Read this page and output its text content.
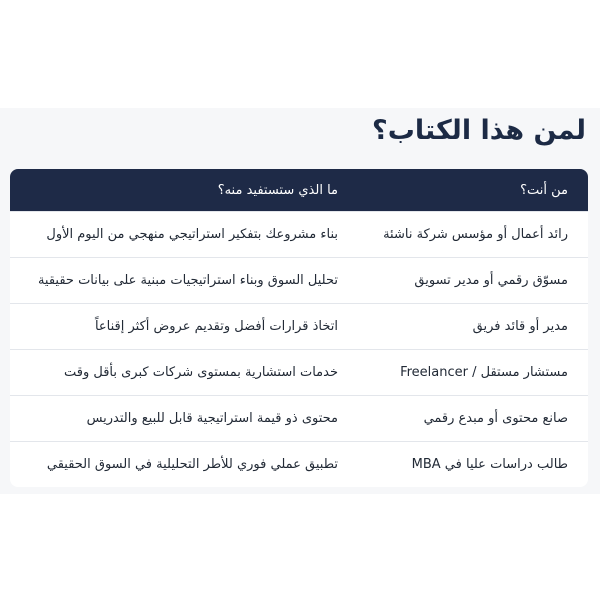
لمن هذا الكتاب؟
من أنت؟	ما الذي ستستفيد منه؟
رائد أعمال أو مؤسس شركة ناشئة	بناء مشروعك بتفكير استراتيجي منهجي من اليوم الأول
مسوّق رقمي أو مدير تسويق	تحليل السوق وبناء استراتيجيات مبنية على بيانات حقيقية
مدير أو قائد فريق	اتخاذ قرارات أفضل وتقديم عروض أكثر إقناعاً
مستشار مستقل / Freelancer	خدمات استشارية بمستوى شركات كبرى بأقل وقت
صانع محتوى أو مبدع رقمي	محتوى ذو قيمة استراتيجية قابل للبيع والتدريس
طالب دراسات عليا في MBA	تطبيق عملي فوري للأطر التحليلية في السوق الحقيقي
